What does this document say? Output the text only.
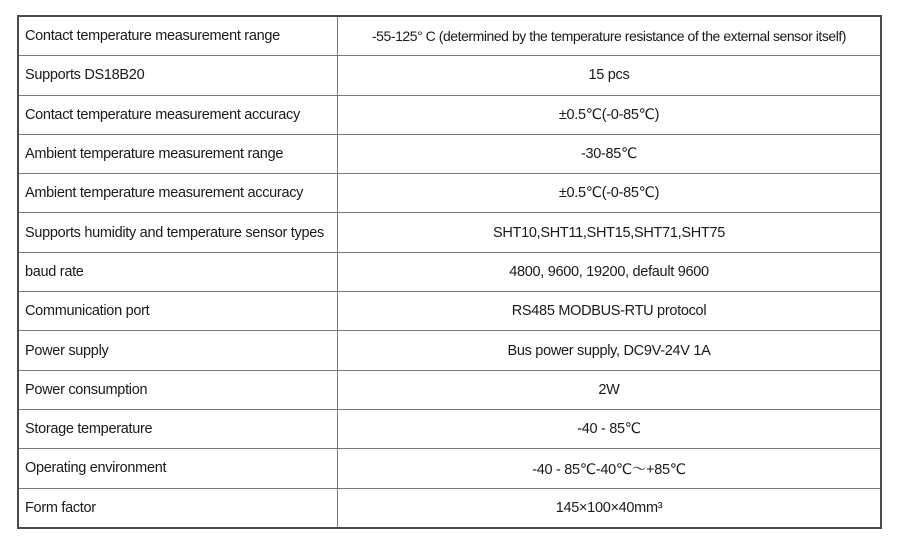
Contact temperature measurement range	-55-125° C (determined by the temperature resistance of the external sensor itself)
Supports DS18B20	15 pcs
Contact temperature measurement accuracy	±0.5℃(-0-85℃)
Ambient temperature measurement range	-30-85℃
Ambient temperature measurement accuracy	±0.5℃(-0-85℃)
Supports humidity and temperature sensor types	SHT10,SHT11,SHT15,SHT71,SHT75
baud rate	4800, 9600, 19200, default 9600
Communication port	RS485 MODBUS-RTU protocol
Power supply	Bus power supply, DC9V-24V 1A
Power consumption	2W
Storage temperature	-40 - 85℃
Operating environment	-40 - 85℃-40℃～+85℃
Form factor	145×100×40mm³
